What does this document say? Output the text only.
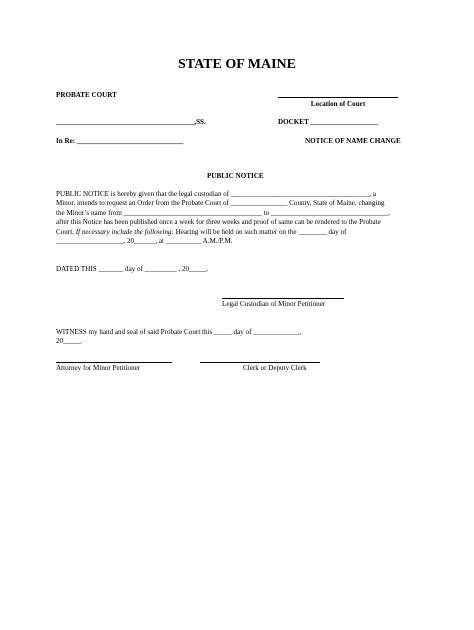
STATE OF MAINE
PROBATE COURT
Location of Court
_______________________________________,SS.	DOCKET ___________________
In Re: ______________________________	NOTICE OF NAME CHANGE
PUBLIC NOTICE
PUBLIC NOTICE is hereby given that the legal custodian of _______________________________________, a
Minor, intends to request an Order from the Probate Court of ________________ County, State of Maine, changing
the Minor’s name from _______________________________________ to _________________________________,
after this Notice has been published once a week for three weeks and proof of same can be rendered to the Probate
Court. If necessary include the following: Hearing will be held on such matter on the ________ day of
___________________, 20______, at __________ A.M./P.M.
DATED THIS _______ day of _________ , 20_____.
Legal Custodian of Minor Petitioner
WITNESS my hand and seal of said Probate Court this _____ day of _____________,
20_____.
Attorney for Minor Petitioner	Clerk or Deputy Clerk
